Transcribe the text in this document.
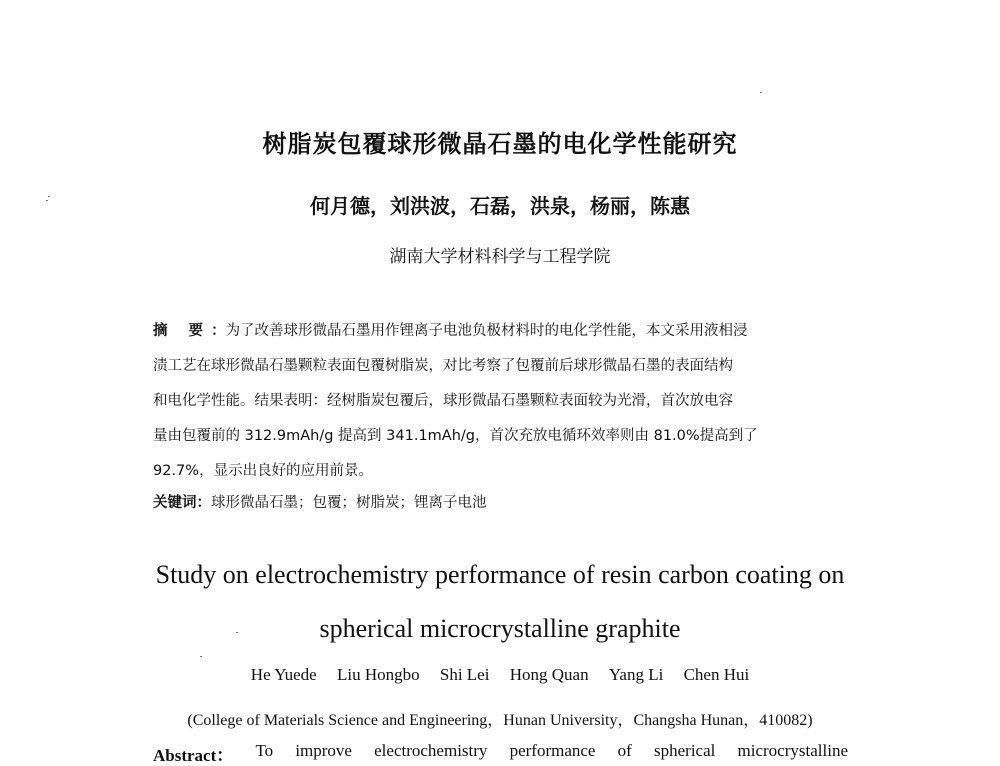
树脂炭包覆球形微晶石墨的电化学性能研究
何月德，刘洪波，石磊，洪泉，杨丽，陈惠
湖南大学材料科学与工程学院
摘 要：为了改善球形微晶石墨用作锂离子电池负极材料时的电化学性能，本文采用液相浸
渍工艺在球形微晶石墨颗粒表面包覆树脂炭，对比考察了包覆前后球形微晶石墨的表面结构
和电化学性能。结果表明：经树脂炭包覆后，球形微晶石墨颗粒表面较为光滑，首次放电容
量由包覆前的 312.9mAh/g 提高到 341.1mAh/g，首次充放电循环效率则由 81.0%提高到了
92.7%，显示出良好的应用前景。
关键词：球形微晶石墨；包覆；树脂炭；锂离子电池
Study on electrochemistry performance of resin carbon coating on
spherical microcrystalline graphite
He Yuede Liu Hongbo Shi Lei Hong Quan Yang Li Chen Hui
(College of Materials Science and Engineering，Hunan University，Changsha Hunan，410082)
Abstract： To improve electrochemistry performance of spherical microcrystalline
